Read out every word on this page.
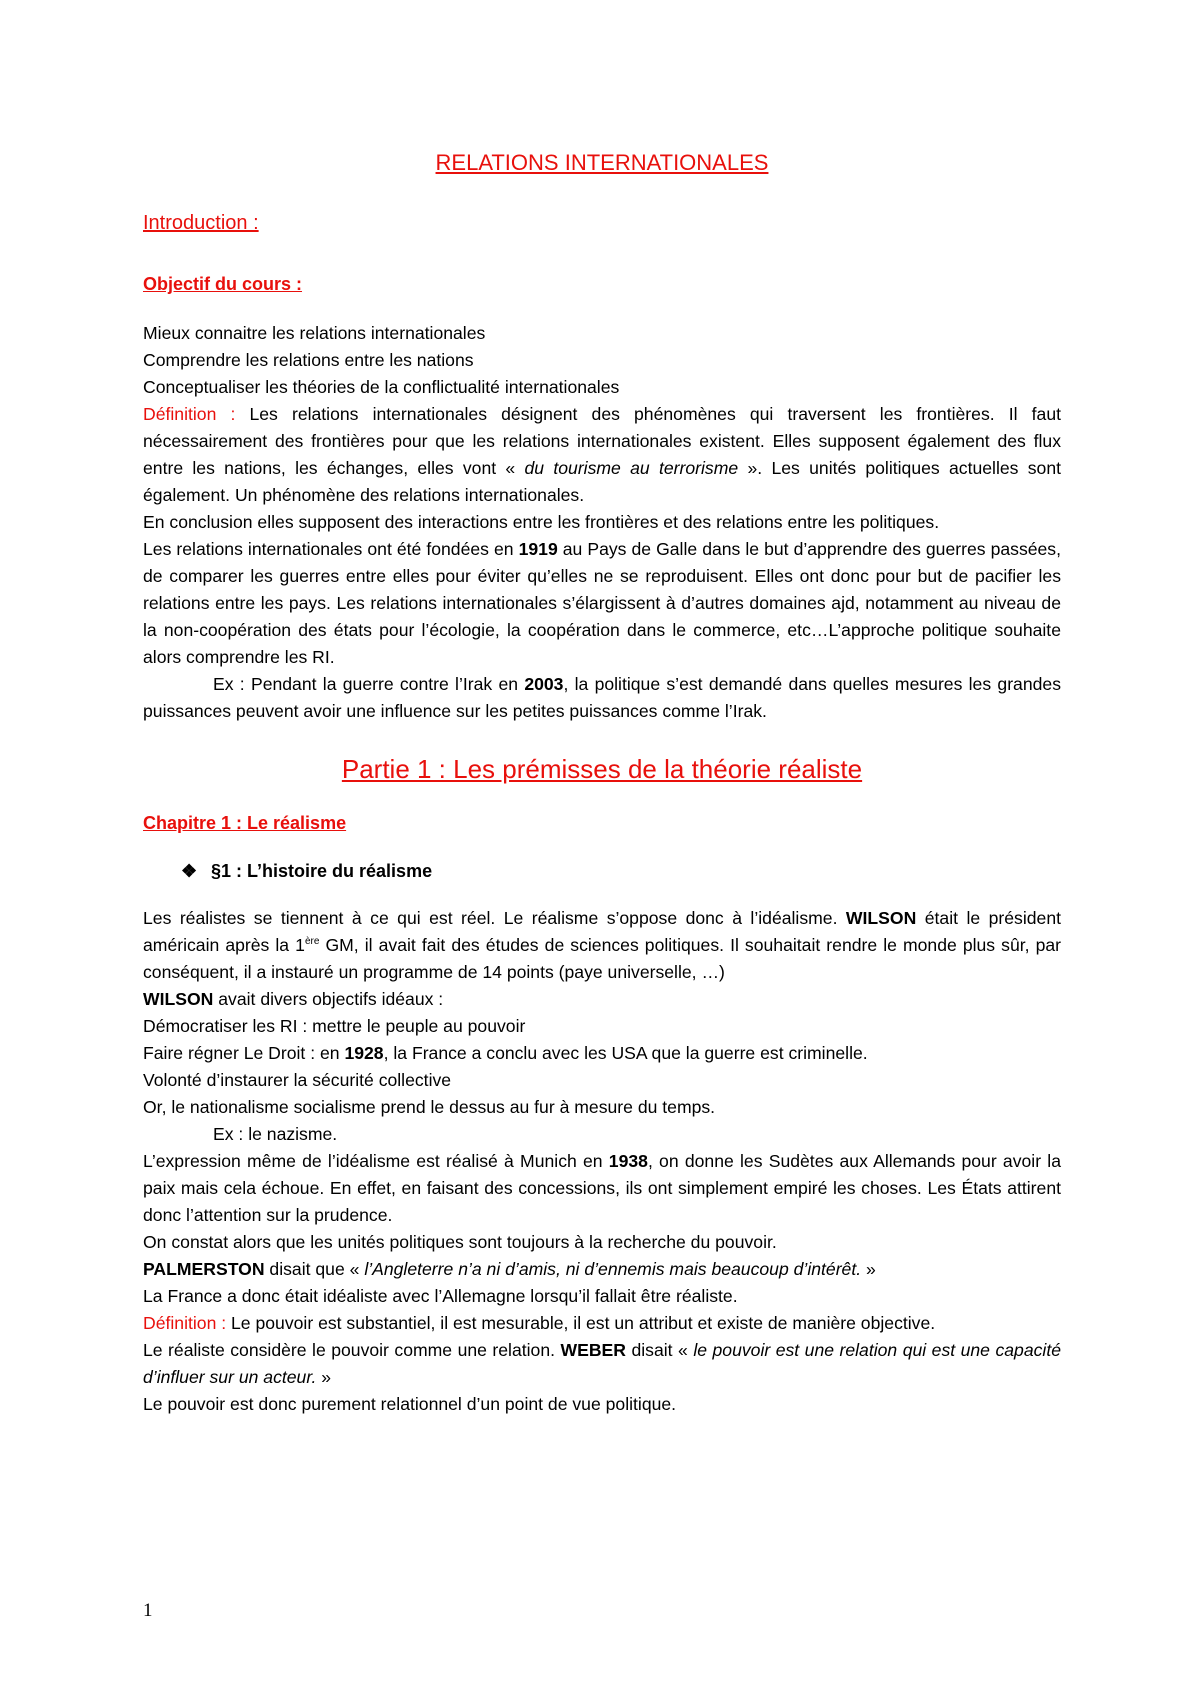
RELATIONS INTERNATIONALES
Introduction :
Objectif du cours :

Mieux connaitre les relations internationales

Comprendre les relations entre les nations

Conceptualiser les théories de la conflictualité internationales

Définition : Les relations internationales désignent des phénomènes qui traversent les frontières. Il faut nécessairement des frontières pour que les relations internationales existent. Elles supposent également des flux entre les nations, les échanges, elles vont « du tourisme au terrorisme ». Les unités politiques actuelles sont également. Un phénomène des relations internationales.

En conclusion elles supposent des interactions entre les frontières et des relations entre les politiques.

Les relations internationales ont été fondées en 1919 au Pays de Galle dans le but d’apprendre des guerres passées, de comparer les guerres entre elles pour éviter qu’elles ne se reproduisent. Elles ont donc pour but de pacifier les relations entre les pays. Les relations internationales s’élargissent à d’autres domaines ajd, notamment au niveau de la non-coopération des états pour l’écologie, la coopération dans le commerce, etc…L’approche politique souhaite alors comprendre les RI.

Ex : Pendant la guerre contre l’Irak en 2003, la politique s’est demandé dans quelles mesures les grandes puissances peuvent avoir une influence sur les petites puissances comme l’Irak.

Partie 1 : Les prémisses de la théorie réaliste
Chapitre 1 : Le réalisme
❖ §1 : L’histoire du réalisme

Les réalistes se tiennent à ce qui est réel. Le réalisme s’oppose donc à l’idéalisme. WILSON était le président américain après la 1ère GM, il avait fait des études de sciences politiques. Il souhaitait rendre le monde plus sûr, par conséquent, il a instauré un programme de 14 points (paye universelle, …)

WILSON avait divers objectifs idéaux :

Démocratiser les RI : mettre le peuple au pouvoir

Faire régner Le Droit : en 1928, la France a conclu avec les USA que la guerre est criminelle.

Volonté d’instaurer la sécurité collective

Or, le nationalisme socialisme prend le dessus au fur à mesure du temps.

Ex : le nazisme.

L’expression même de l’idéalisme est réalisé à Munich en 1938, on donne les Sudètes aux Allemands pour avoir la paix mais cela échoue. En effet, en faisant des concessions, ils ont simplement empiré les choses. Les États attirent donc l’attention sur la prudence.

On constat alors que les unités politiques sont toujours à la recherche du pouvoir.

PALMERSTON disait que « l’Angleterre n’a ni d’amis, ni d’ennemis mais beaucoup d’intérêt. »

La France a donc était idéaliste avec l’Allemagne lorsqu’il fallait être réaliste.

Définition : Le pouvoir est substantiel, il est mesurable, il est un attribut et existe de manière objective.

Le réaliste considère le pouvoir comme une relation. WEBER disait « le pouvoir est une relation qui est une capacité d’influer sur un acteur. »

Le pouvoir est donc purement relationnel d’un point de vue politique.

1
